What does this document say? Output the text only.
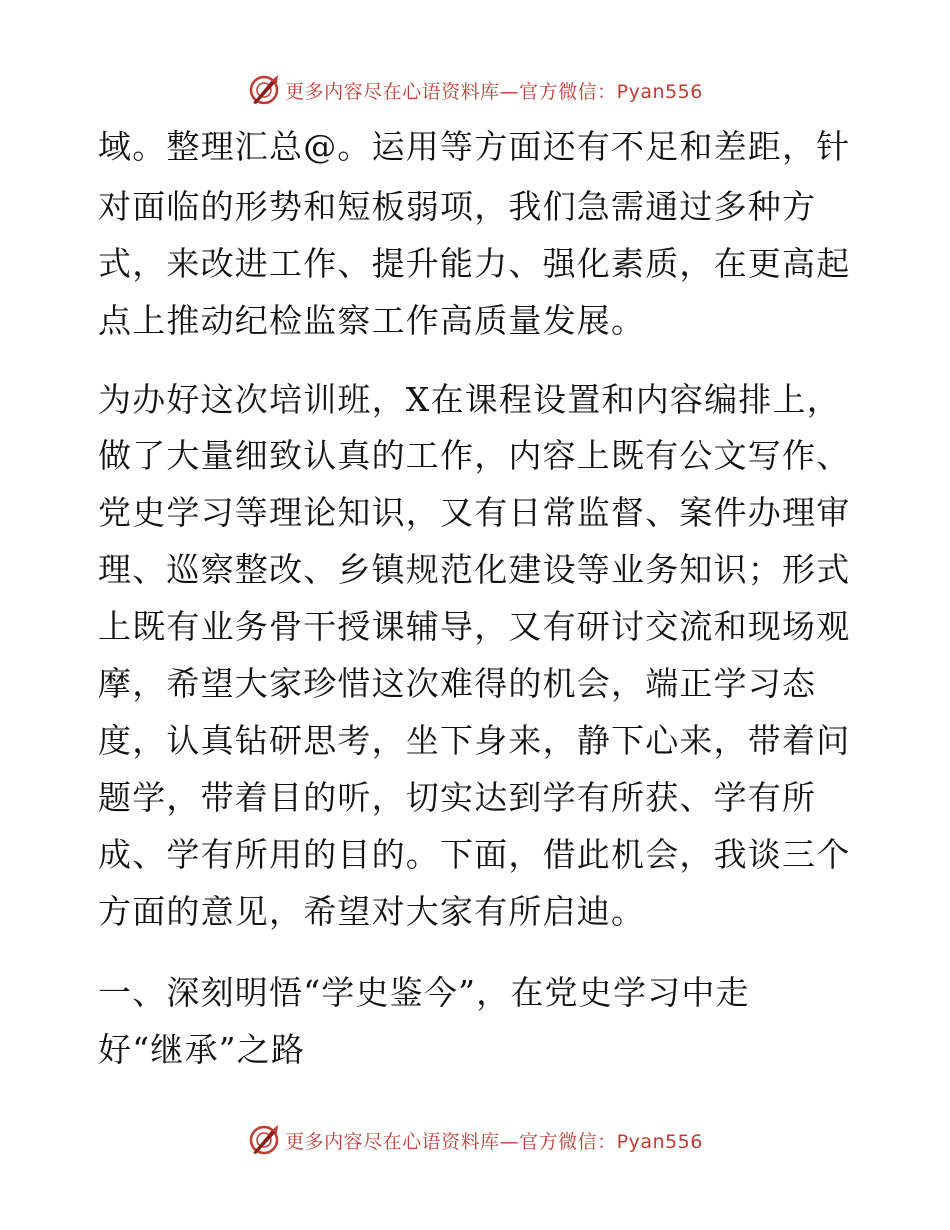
更多内容尽在心语资料库—官方微信：Pyan556
域。整理汇总@。运用等方面还有不足和差距，针
对面临的形势和短板弱项，我们急需通过多种方
式，来改进工作、提升能力、强化素质，在更高起
点上推动纪检监察工作高质量发展。
为办好这次培训班，X在课程设置和内容编排上，
做了大量细致认真的工作，内容上既有公文写作、
党史学习等理论知识，又有日常监督、案件办理审
理、巡察整改、乡镇规范化建设等业务知识；形式
上既有业务骨干授课辅导，又有研讨交流和现场观
摩，希望大家珍惜这次难得的机会，端正学习态
度，认真钻研思考，坐下身来，静下心来，带着问
题学，带着目的听，切实达到学有所获、学有所
成、学有所用的目的。下面，借此机会，我谈三个
方面的意见，希望对大家有所启迪。
一、深刻明悟“学史鉴今”，在党史学习中走
好“继承”之路
更多内容尽在心语资料库—官方微信：Pyan556
